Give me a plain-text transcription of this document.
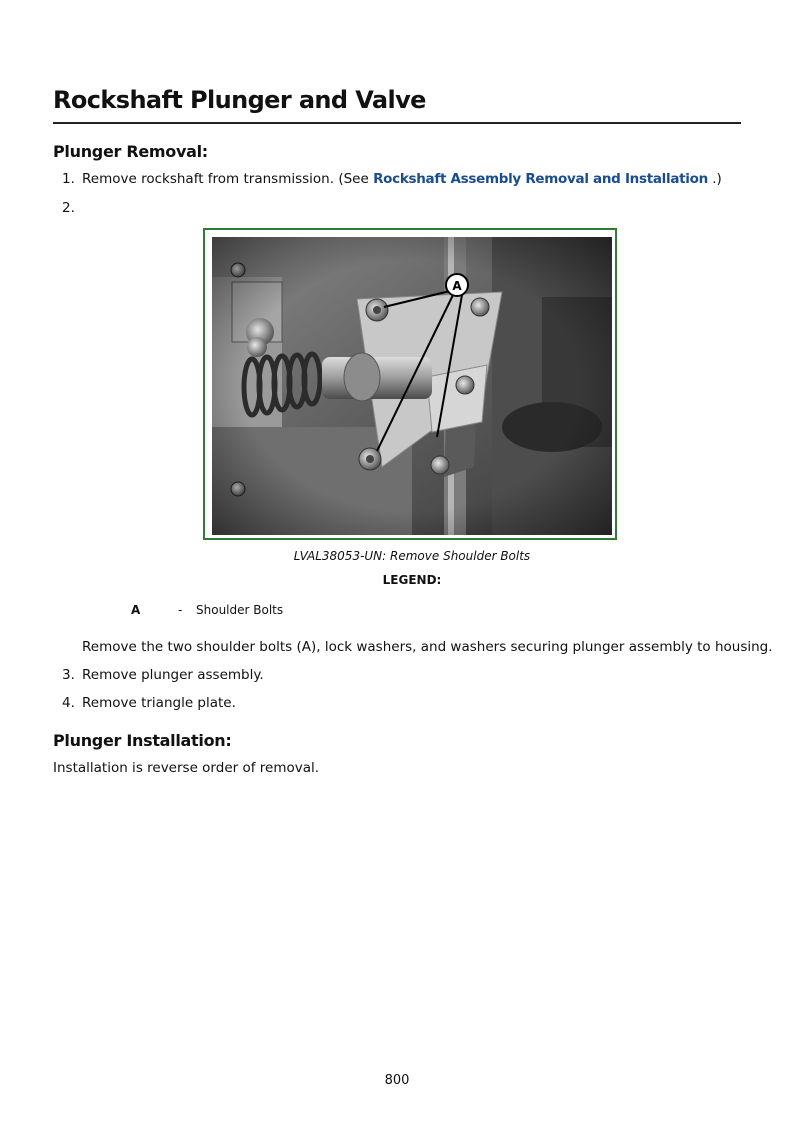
Rockshaft Plunger and Valve
Plunger Removal:
1. Remove rockshaft from transmission. (See Rockshaft Assembly Removal and Installation .)
2.
A
LVAL38053-UN: Remove Shoulder Bolts
LEGEND:
A	- Shoulder Bolts
Remove the two shoulder bolts (A), lock washers, and washers securing plunger assembly to housing.
3. Remove plunger assembly.
4. Remove triangle plate.
Plunger Installation:
Installation is reverse order of removal.
800
